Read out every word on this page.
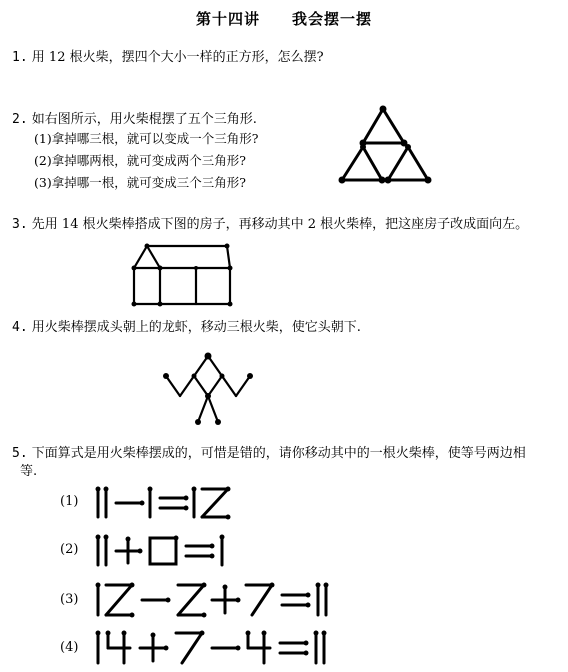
第十四讲　　我会摆一摆
1. 用 12 根火柴，摆四个大小一样的正方形，怎么摆?
2. 如右图所示，用火柴棍摆了五个三角形.
(1)拿掉哪三根，就可以变成一个三角形?
(2)拿掉哪两根，就可变成两个三角形?
(3)拿掉哪一根，就可变成三个三角形?
3. 先用 14 根火柴棒搭成下图的房子，再移动其中 2 根火柴棒，把这座房子改成面向左。
4. 用火柴棒摆成头朝上的龙虾，移动三根火柴，使它头朝下.
5. 下面算式是用火柴棒摆成的，可惜是错的，请你移动其中的一根火柴棒，使等号两边相
等.
(1)
(2)
(3)
(4)
